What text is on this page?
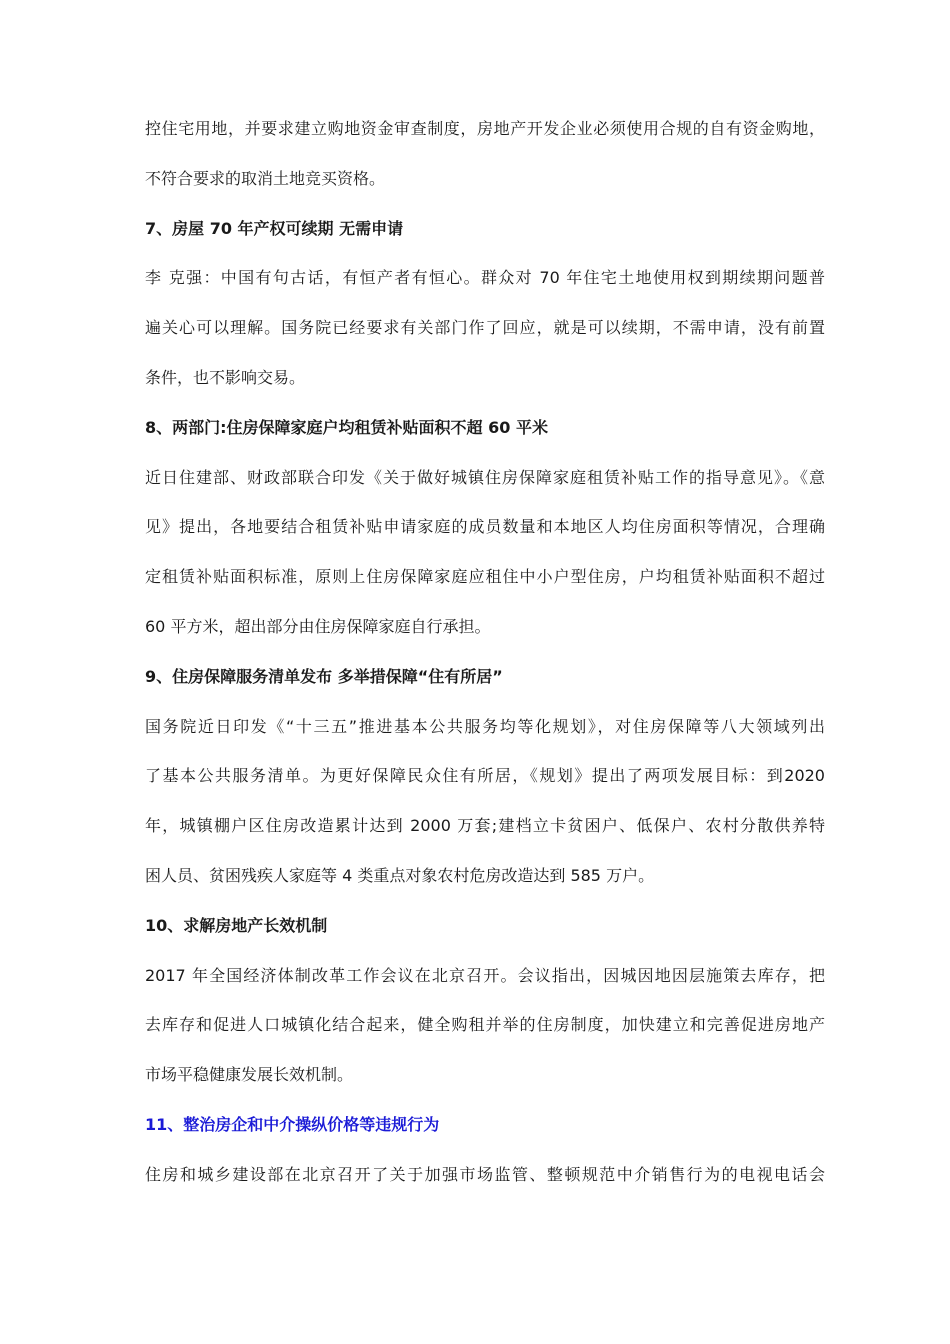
控住宅用地，并要求建立购地资金审查制度，房地产开发企业必须使用合规的自有资金购地，
不符合要求的取消土地竞买资格。
7、房屋 70 年产权可续期 无需申请
李 克强：中国有句古话，有恒产者有恒心。群众对 70 年住宅土地使用权到期续期问题普
遍关心可以理解。国务院已经要求有关部门作了回应，就是可以续期，不需申请，没有前置
条件，也不影响交易。
8、两部门:住房保障家庭户均租赁补贴面积不超 60 平米
近日住建部、财政部联合印发《关于做好城镇住房保障家庭租赁补贴工作的指导意见》。《意
见》提出，各地要结合租赁补贴申请家庭的成员数量和本地区人均住房面积等情况，合理确
定租赁补贴面积标准，原则上住房保障家庭应租住中小户型住房，户均租赁补贴面积不超过
60 平方米，超出部分由住房保障家庭自行承担。
9、住房保障服务清单发布 多举措保障“住有所居”
国务院近日印发《“十三五”推进基本公共服务均等化规划》，对住房保障等八大领域列出
了基本公共服务清单。为更好保障民众住有所居，《规划》提出了两项发展目标：到2020
年，城镇棚户区住房改造累计达到 2000 万套;建档立卡贫困户、低保户、农村分散供养特
困人员、贫困残疾人家庭等 4 类重点对象农村危房改造达到 585 万户。
10、求解房地产长效机制
2017 年全国经济体制改革工作会议在北京召开。会议指出，因城因地因层施策去库存，把
去库存和促进人口城镇化结合起来，健全购租并举的住房制度，加快建立和完善促进房地产
市场平稳健康发展长效机制。
11、整治房企和中介操纵价格等违规行为
住房和城乡建设部在北京召开了关于加强市场监管、整顿规范中介销售行为的电视电话会
